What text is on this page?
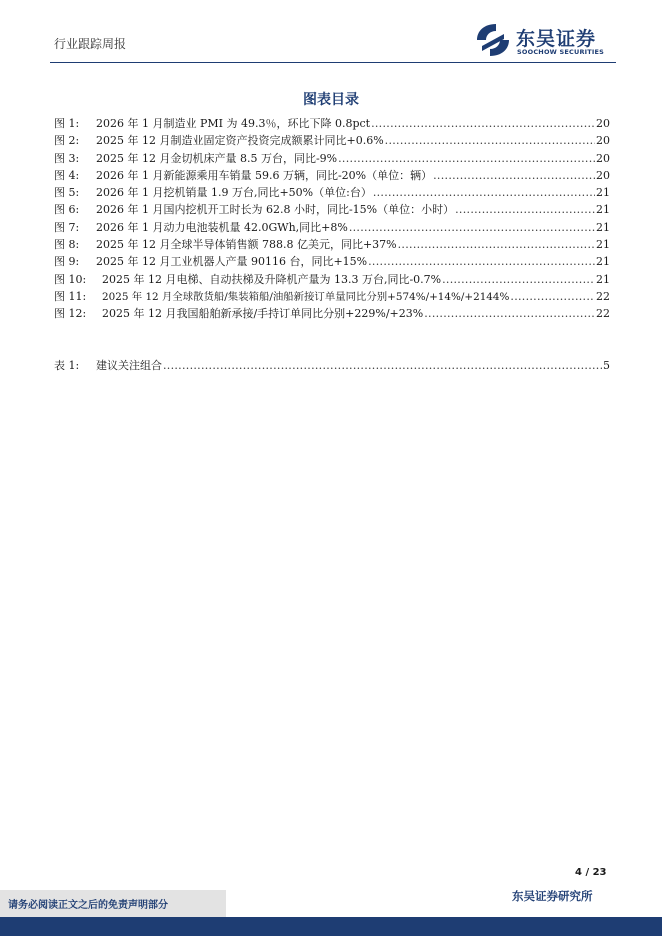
行业跟踪周报	东吴证券
SOOCHOW SECURITIES
图表目录
图 1:	2026 年 1 月制造业 PMI 为 49.3％，环比下降 0.8pct .....	20
图 2:	2025 年 12 月制造业固定资产投资完成额累计同比+0.6% .....	20
图 3:	2025 年 12 月金切机床产量 8.5 万台，同比-9% .....	20
图 4:	2026 年 1 月新能源乘用车销量 59.6 万辆，同比-20%（单位：辆） .....	20
图 5:	2026 年 1 月挖机销量 1.9 万台,同比+50%（单位:台） .....	21
图 6:	2026 年 1 月国内挖机开工时长为 62.8 小时，同比-15%（单位：小时） .....	21
图 7:	2026 年 1 月动力电池装机量 42.0GWh,同比+8% .....	21
图 8:	2025 年 12 月全球半导体销售额 788.8 亿美元，同比+37% .....	21
图 9:	2025 年 12 月工业机器人产量 90116 台，同比+15% .....	21
图 10:	2025 年 12 月电梯、自动扶梯及升降机产量为 13.3 万台,同比-0.7% .....	21
图 11:	2025 年 12 月全球散货船/集装箱船/油船新接订单量同比分别+574%/+14%/+2144% .....	22
图 12:	2025 年 12 月我国船舶新承接/手持订单同比分别+229%/+23% .....	22
表 1:	建议关注组合 .....	5
4 / 23
请务必阅读正文之后的免责声明部分
东吴证券研究所
